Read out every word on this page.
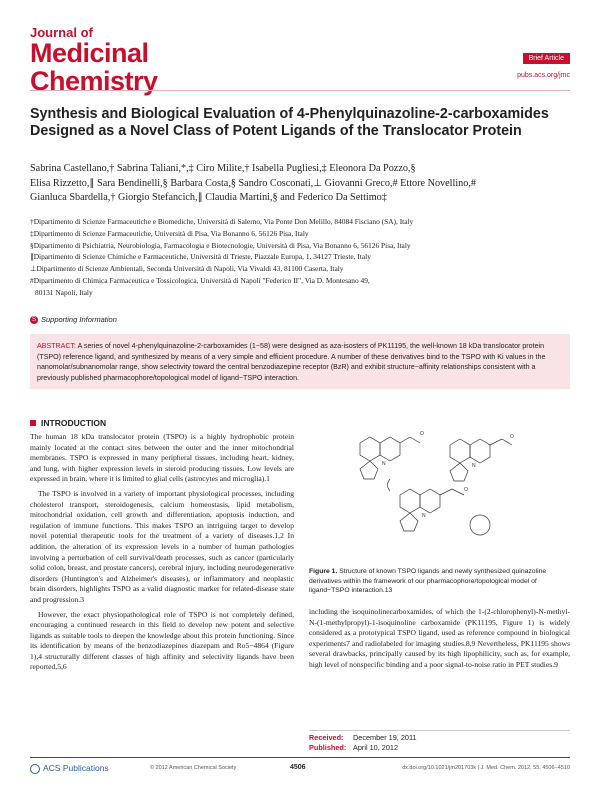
Journal of
Medicinal
Chemistry
Brief Article
pubs.acs.org/jmc
Synthesis and Biological Evaluation of 4-Phenylquinazoline-2-carboxamides Designed as a Novel Class of Potent Ligands of the Translocator Protein
Sabrina Castellano,† Sabrina Taliani,*,‡ Ciro Milite,† Isabella Pugliesi,‡ Eleonora Da Pozzo,§
Elisa Rizzetto,∥ Sara Bendinelli,§ Barbara Costa,§ Sandro Cosconati,⊥ Giovanni Greco,# Ettore Novellino,#
Gianluca Sbardella,† Giorgio Stefancich,∥ Claudia Martini,§ and Federico Da Settimo‡
†Dipartimento di Scienze Farmaceutiche e Biomediche, Università di Salerno, Via Ponte Don Melillo, 84084 Fisciano (SA), Italy
‡Dipartimento di Scienze Farmaceutiche, Università di Pisa, Via Bonanno 6, 56126 Pisa, Italy
§Dipartimento di Psichiatria, Neurobiologia, Farmacologia e Biotecnologie, Università di Pisa, Via Bonanno 6, 56126 Pisa, Italy
∥Dipartimento di Scienze Chimiche e Farmaceutiche, Università di Trieste, Piazzale Europa, 1, 34127 Trieste, Italy
⊥Dipartimento di Scienze Ambientali, Seconda Università di Napoli, Via Vivaldi 43, 81100 Caserta, Italy
#Dipartimento di Chimica Farmaceutica e Tossicologica, Università di Napoli "Federico II", Via D. Montesano 49,
80131 Napoli, Italy
S Supporting Information
ABSTRACT: A series of novel 4-phenylquinazoline-2-carboxamides (1−58) were designed as aza-isosters of PK11195, the well-known 18 kDa translocator protein (TSPO) reference ligand, and synthesized by means of a very simple and efficient procedure. A number of these derivatives bind to the TSPO with Ki values in the nanomolar/subnanomolar range, show selectivity toward the central benzodiazepine receptor (BzR) and exhibit structure−affinity relationships consistent with a previously published pharmacophore/topological model of ligand−TSPO interaction.
INTRODUCTION

The human 18 kDa translocator protein (TSPO) is a highly hydrophobic protein mainly located at the contact sites between the outer and the inner mitochondrial membranes. TSPO is expressed in many peripheral tissues, including heart, kidney, and lung, with higher expression levels in steroid producing tissues. Low levels are expressed in brain, where it is limited to glial cells (astrocytes and microglia).1

The TSPO is involved in a variety of important physiological processes, including cholesterol transport, steroidogenesis, calcium homeostasis, lipid metabolism, mitochondrial oxidation, cell growth and differentiation, apoptosis induction, and regulation of immune functions. This makes TSPO an intriguing target to develop novel potential therapeutic tools for the treatment of a variety of diseases.1,2 In addition, the alteration of its expression levels in a number of human pathologies involving a perturbation of cell survival/death processes, such as cancer (particularly solid colon, breast, and prostate cancers), cerebral injury, including neurodegenerative disorders (Huntington's and Alzheimer's diseases), or inflammatory and neoplastic brain disorders, highlights TSPO as a valid diagnostic marker for related-disease state and progression.3

However, the exact physiopathological role of TSPO is not completely defined, encouraging a continued research in this field to develop new potent and selective ligands as suitable tools to deepen the knowledge about this protein functioning. Since its identification by means of the benzodiazepines diazepam and Ro5−4864 (Figure 1),4 structurally different classes of high affinity and selectivity ligands have been reported,5,6

O	O
O
N	N
N
Figure 1. Structure of known TSPO ligands and newly synthesized quinazoline derivatives within the framework of our pharmacophore/topological model of ligand−TSPO interaction.13
including the isoquinolinecarboxamides, of which the 1-(2-chlorophenyl)-N-methyl-N-(1-methylpropyl)-1-isoquinoline carboxamide (PK11195, Figure 1) is widely considered as a prototypical TSPO ligand, used as reference compound in biological experiments7 and radiolabeled for imaging studies.8,9 Nevertheless, PK11195 shows several drawbacks, principally caused by its high lipophilicity, such as, for example, high level of nonspecific binding and a poor signal-to-noise ratio in PET studies.9
Received: December 19, 2011
Published: April 10, 2012
ACS Publications	© 2012 American Chemical Society	4506	dx.doi.org/10.1021/jm201703k | J. Med. Chem. 2012, 55, 4506−4510
